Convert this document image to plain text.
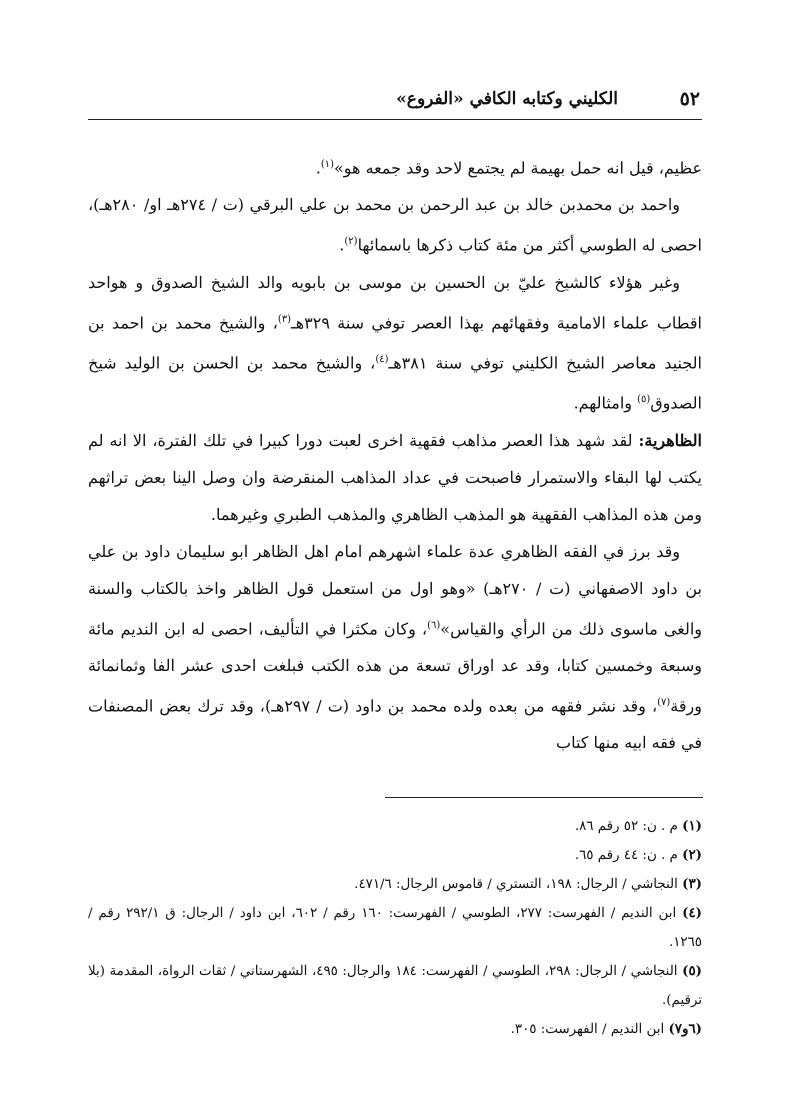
٥٢
الكليني وكتابه الكافي «الفروع»

عظيم، قيل انه حمل بهيمة لم يجتمع لاحد وقد جمعه هو»$^{(١)}$.

واحمد بن محمدبن خالد بن عبد الرحمن بن محمد بن علي البرقي (ت / ٢٧٤هـ او/ ٢٨٠هـ)، احصى له الطوسي أكثر من مئة كتاب ذكرها باسمائها$^{(٢)}$.

وغير هؤلاء كالشيخ عليّ بن الحسين بن موسى بن بابويه والد الشيخ الصدوق و هواحد اقطاب علماء الامامية وفقهائهم بهذا العصر توفي سنة ٣٢٩هـ$^{(٣)}$، والشيخ محمد بن احمد بن الجنيد معاصر الشيخ الكليني توفي سنة ٣٨١هـ$^{(٤)}$، والشيخ محمد بن الحسن بن الوليد شيخ الصدوق$^{(٥)}$ وامثالهم.

الظاهرية: لقد شهد هذا العصر مذاهب فقهية اخرى لعبت دورا كبيرا في تلك الفترة، الا انه لم يكتب لها البقاء والاستمرار فاصبحت في عداد المذاهب المنقرضة وان وصل الينا بعض تراثهم ومن هذه المذاهب الفقهية هو المذهب الظاهري والمذهب الطبري وغيرهما.

وقد برز في الفقه الظاهري عدة علماء اشهرهم امام اهل الظاهر ابو سليمان داود بن علي بن داود الاصفهاني (ت / ٢٧٠هـ) «وهو اول من استعمل قول الظاهر واخذ بالكتاب والسنة والغى ماسوى ذلك من الرأي والقياس»$^{(٦)}$، وكان مكثرا في التأليف، احصى له ابن النديم مائة وسبعة وخمسين كتابا، وقد عد اوراق تسعة من هذه الكتب فبلغت احدى عشر الفا وثمانمائة ورقة$^{(٧)}$، وقد نشر فقهه من بعده ولده محمد بن داود (ت / ٢٩٧هـ)، وقد ترك بعض المصنفات في فقه ابيه منها كتاب

(١) م . ن: ٥٢ رقم ٨٦.

(٢) م . ن: ٤٤ رقم ٦٥.

(٣) النجاشي / الرجال: ١٩٨، التستري / قاموس الرجال: ٤٧١/٦.

(٤) ابن النديم / الفهرست: ٢٧٧، الطوسي / الفهرست: ١٦٠ رقم / ٦٠٢، ابن داود / الرجال: ق ٢٩٢/١ رقم / ١٢٦٥.

(٥) النجاشي / الرجال: ٢٩٨، الطوسي / الفهرست: ١٨٤ والرجال: ٤٩٥، الشهرستاني / ثقات الرواة، المقدمة (بلا ترقيم).

(٦و٧) ابن النديم / الفهرست: ٣٠٥.
